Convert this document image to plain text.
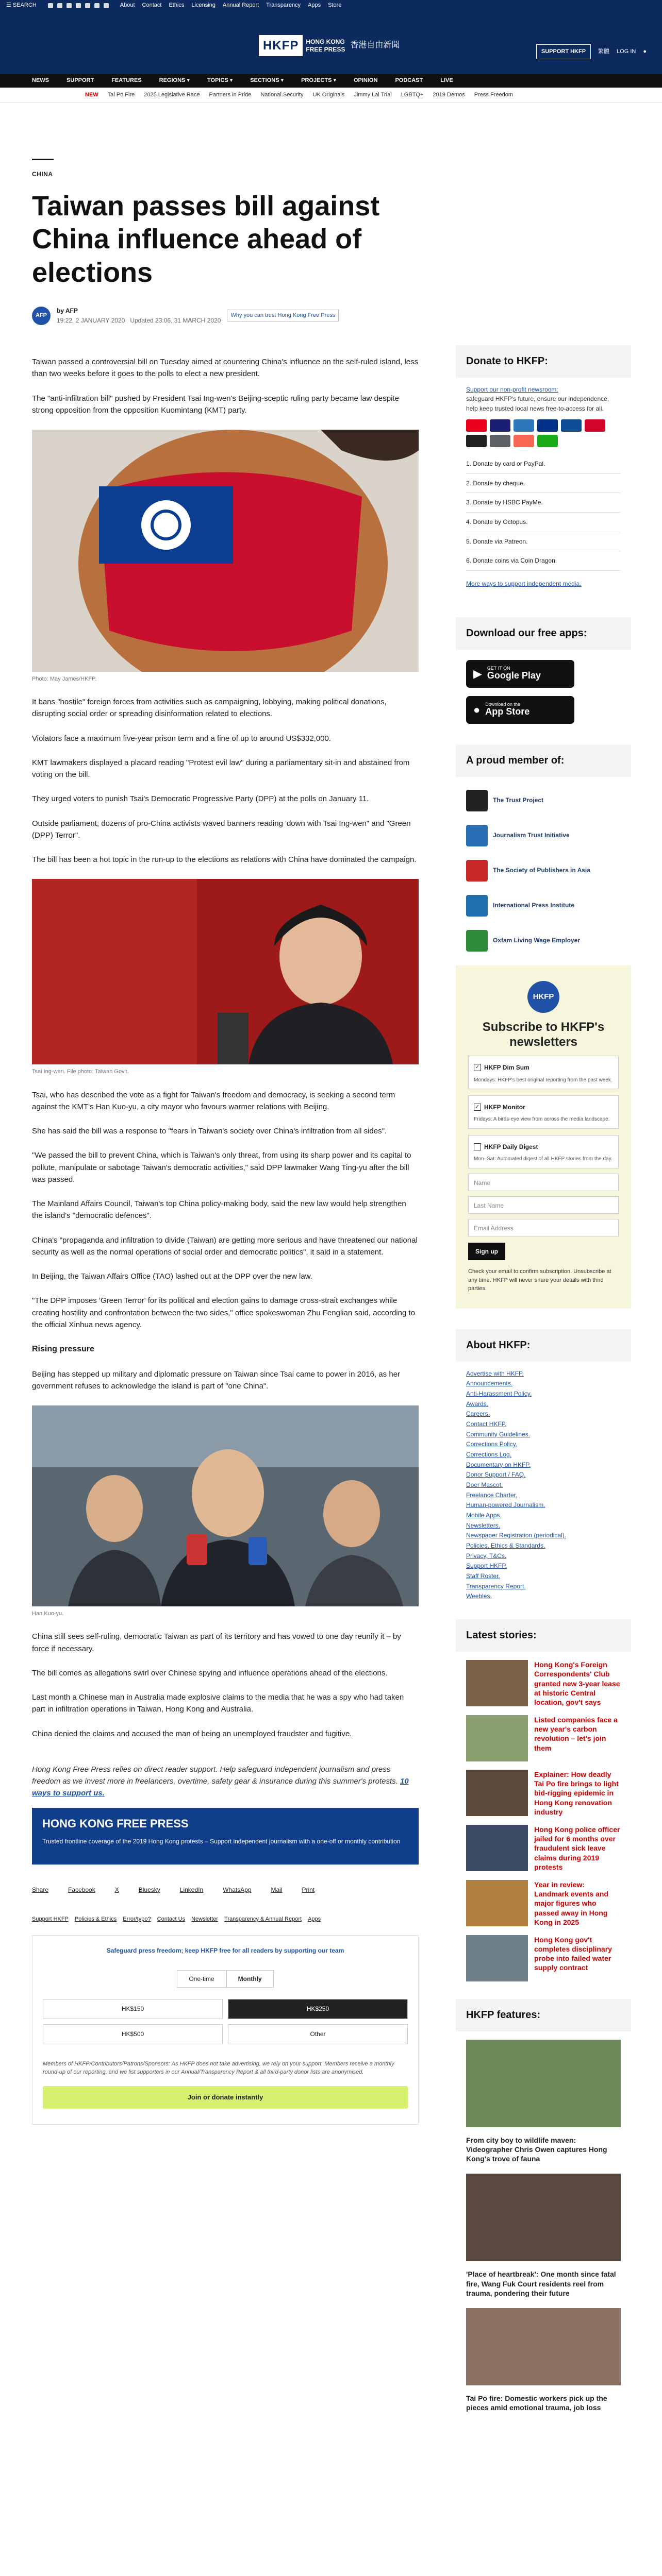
☰ SEARCH	About Contact Ethics Licensing Annual Report Transparency Apps Store
HKFP	HONG KONG
FREE PRESS 香港自由新聞
SUPPORT HKFP	繁體 LOG IN ●
NEWS	SUPPORT	FEATURES	REGIONS ▾	TOPICS ▾	SECTIONS ▾	PROJECTS ▾	OPINION	PODCAST	LIVE
NEW Tai Po Fire 2025 Legislative Race Partners in Pride National Security UK Originals Jimmy Lai Trial LGBTQ+ 2019 Demos Press Freedom
CHINA
Taiwan passes bill against China influence ahead of elections
AFP
by AFP
19:22, 2 JANUARY 2020 Updated 23:06, 31 MARCH 2020
Why you can trust Hong Kong Free Press

Taiwan passed a controversial bill on Tuesday aimed at countering China's influence on the self-ruled island, less than two weeks before it goes to the polls to elect a new president.

The "anti-infiltration bill" pushed by President Tsai Ing-wen's Beijing-sceptic ruling party became law despite strong opposition from the opposition Kuomintang (KMT) party.

Photo: May James/HKFP.

It bans "hostile" foreign forces from activities such as campaigning, lobbying, making political donations, disrupting social order or spreading disinformation related to elections.

Violators face a maximum five-year prison term and a fine of up to around US$332,000.

KMT lawmakers displayed a placard reading "Protest evil law" during a parliamentary sit-in and abstained from voting on the bill.

They urged voters to punish Tsai's Democratic Progressive Party (DPP) at the polls on January 11.

Outside parliament, dozens of pro-China activists waved banners reading 'down with Tsai Ing-wen" and "Green (DPP) Terror".

The bill has been a hot topic in the run-up to the elections as relations with China have dominated the campaign.

Tsai Ing-wen. File photo: Taiwan Gov't.

Tsai, who has described the vote as a fight for Taiwan's freedom and democracy, is seeking a second term against the KMT's Han Kuo-yu, a city mayor who favours warmer relations with Beijing.

She has said the bill was a response to "fears in Taiwan's society over China's infiltration from all sides".

"We passed the bill to prevent China, which is Taiwan's only threat, from using its sharp power and its capital to pollute, manipulate or sabotage Taiwan's democratic activities," said DPP lawmaker Wang Ting-yu after the bill was passed.

The Mainland Affairs Council, Taiwan's top China policy-making body, said the new law would help strengthen the island's "democratic defences".

China's "propaganda and infiltration to divide (Taiwan) are getting more serious and have threatened our national security as well as the normal operations of social order and democratic politics", it said in a statement.

In Beijing, the Taiwan Affairs Office (TAO) lashed out at the DPP over the new law.

"The DPP imposes 'Green Terror' for its political and election gains to damage cross-strait exchanges while creating hostility and confrontation between the two sides," office spokeswoman Zhu Fenglian said, according to the official Xinhua news agency.

Rising pressure

Beijing has stepped up military and diplomatic pressure on Taiwan since Tsai came to power in 2016, as her government refuses to acknowledge the island is part of "one China".

Han Kuo-yu.

China still sees self-ruling, democratic Taiwan as part of its territory and has vowed to one day reunify it – by force if necessary.

The bill comes as allegations swirl over Chinese spying and influence operations ahead of the elections.

Last month a Chinese man in Australia made explosive claims to the media that he was a spy who had taken part in infiltration operations in Taiwan, Hong Kong and Australia.

China denied the claims and accused the man of being an unemployed fraudster and fugitive.

Hong Kong Free Press relies on direct reader support. Help safeguard independent journalism and press freedom as we invest more in freelancers, overtime, safety gear & insurance during this summer's protests. 10 ways to support us.

HONG KONG FREE PRESS
Trusted frontline coverage of the 2019 Hong Kong protests – Support independent journalism with a one-off or monthly contribution
Share	Facebook	X	Bluesky	LinkedIn	WhatsApp	Mail	Print
Support HKFP Policies & Ethics Error/typo? Contact Us Newsletter Transparency & Annual Report Apps
Safeguard press freedom; keep HKFP free for all readers by supporting our team
One-time	Monthly
HK$150	HK$250
HK$500	Other
Members of HKFP/Contributors/Patrons/Sponsors: As HKFP does not take advertising, we rely on your support. Members receive a monthly round-up of our reporting, and we list supporters in our Annual/Transparency Report & all third-party donor lists are anonymised.
Join or donate instantly
Donate to HKFP:
Support our non-profit newsroom:
safeguard HKFP's future, ensure our independence, help keep trusted local news free-to-access for all.
1. Donate by card or PayPal.
2. Donate by cheque.
3. Donate by HSBC PayMe.
4. Donate by Octopus.
5. Donate via Patreon.
6. Donate coins via Coin Dragon.
More ways to support independent media.
Download our free apps:
▶ GET IT ON
Google Play
● Download on the
App Store
A proud member of:
The Trust Project
Journalism Trust Initiative
The Society of Publishers in Asia
International Press Institute
Oxfam Living Wage Employer
HKFP
Subscribe to HKFP's newsletters
✓ HKFP Dim Sum
Mondays: HKFP's best original reporting from the past week.
✓ HKFP Monitor
Fridays: A birds-eye view from across the media landscape.
HKFP Daily Digest
Mon–Sat: Automated digest of all HKFP stories from the day.
Name
Last Name
Email Address
Sign up
Check your email to confirm subscription. Unsubscribe at any time. HKFP will never share your details with third parties.
About HKFP:
Advertise with HKFP.
Announcements.
Anti-Harassment Policy.
Awards.
Careers.
Contact HKFP.
Community Guidelines.
Corrections Policy.
Corrections Log.
Documentary on HKFP.
Donor Support / FAQ.
Doer Mascot.
Freelance Charter.
Human-powered Journalism.
Mobile Apps.
Newsletters.
Newspaper Registration (periodical).
Policies, Ethics & Standards.
Privacy, T&Cs.
Support HKFP.
Staff Roster.
Transparency Report.
Weebles.
Latest stories:
Hong Kong's Foreign Correspondents' Club granted new 3-year lease at historic Central location, gov't says
Listed companies face a new year's carbon revolution – let's join them
Explainer: How deadly Tai Po fire brings to light bid-rigging epidemic in Hong Kong renovation industry
Hong Kong police officer jailed for 6 months over fraudulent sick leave claims during 2019 protests
Year in review: Landmark events and major figures who passed away in Hong Kong in 2025
Hong Kong gov't completes disciplinary probe into failed water supply contract
HKFP features:
From city boy to wildlife maven: Videographer Chris Owen captures Hong Kong's trove of fauna
'Place of heartbreak': One month since fatal fire, Wang Fuk Court residents reel from trauma, pondering their future
Tai Po fire: Domestic workers pick up the pieces amid emotional trauma, job loss
